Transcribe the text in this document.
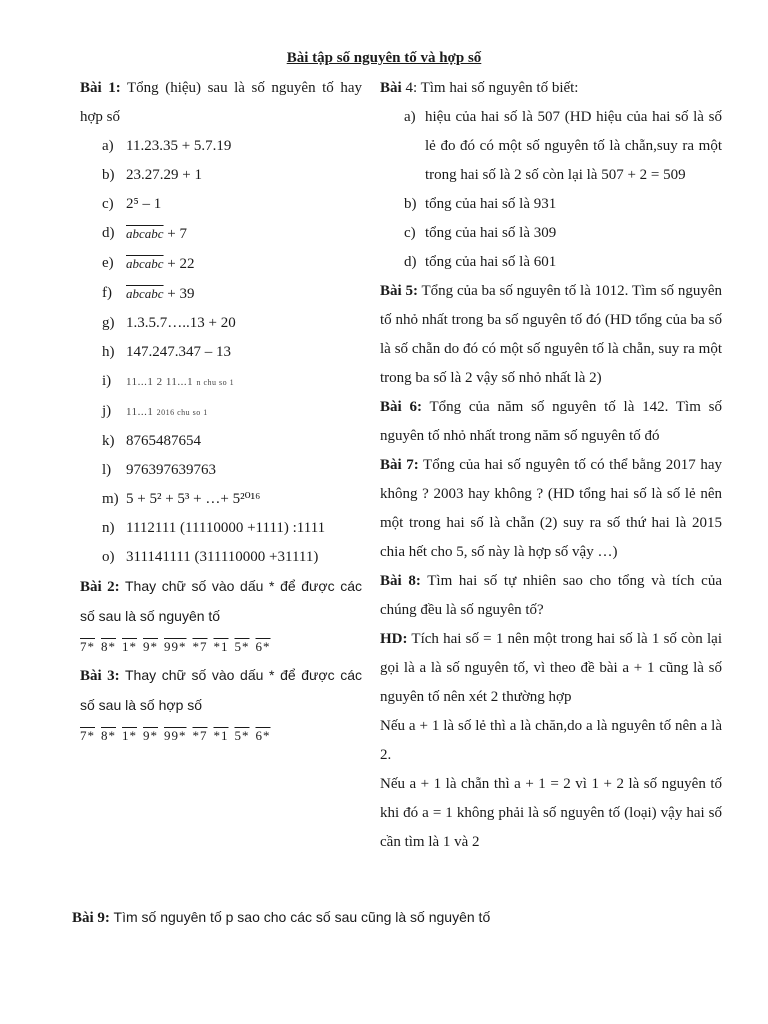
Bài tập số nguyên tố và hợp số

Bài 1: Tổng (hiệu) sau là số nguyên tố hay hợp số

a) 11.23.35 + 5.7.19
b) 23.27.29 + 1
c) 2⁵ – 1
d) abcabc + 7
e) abcabc + 22
f) abcabc + 39
g) 1.3.5.7…..13 + 20
h) 147.247.347 – 13
i) 11...1 2 11...1 n chu so 1
j) 11...1 2016 chu so 1
k) 8765487654
l) 976397639763
m) 5 + 5² + 5³ + …+ 5²⁰¹⁶
n) 1112111 (11110000 +1111) :1111
o) 311141111 (311110000 +31111)

Bài 2: Thay chữ số vào dấu * để được các số sau là số nguyên tố

7* 8* 1* 9* 99* *7 *1 5* 6*

Bài 3: Thay chữ số vào dấu * để được các số sau là số hợp số

7* 8* 1* 9* 99* *7 *1 5* 6*

Bài 4: Tìm hai số nguyên tố biết:

a) hiệu của hai số là 507 (HD hiệu của hai số là số lẻ đo đó có một số nguyên tố là chẵn,suy ra một trong hai số là 2 số còn lại là 507 + 2 = 509
b) tổng của hai số là 931
c) tổng của hai số là 309
d) tổng của hai số là 601

Bài 5: Tổng của ba số nguyên tố là 1012. Tìm số nguyên tố nhỏ nhất trong ba số nguyên tố đó (HD tổng của ba số là số chẵn do đó có một số nguyên tố là chẵn, suy ra một trong ba số là 2 vậy số nhỏ nhất là 2)

Bài 6: Tổng của năm số nguyên tố là 142. Tìm số nguyên tố nhỏ nhất trong năm số nguyên tố đó

Bài 7: Tổng của hai số nguyên tố có thể bằng 2017 hay không ? 2003 hay không ? (HD tổng hai số là số lẻ nên một trong hai số là chẵn (2) suy ra số thứ hai là 2015 chia hết cho 5, số này là hợp số vậy …)

Bài 8: Tìm hai số tự nhiên sao cho tổng và tích của chúng đều là số nguyên tố?

HD: Tích hai số = 1 nên một trong hai số là 1 số còn lại gọi là a là số nguyên tố, vì theo đề bài a + 1 cũng là số nguyên tố nên xét 2 thường hợp

Nếu a + 1 là số lẻ thì a là chăn,do a là nguyên tố nên a là 2.

Nếu a + 1 là chẵn thì a + 1 = 2 vì 1 + 2 là số nguyên tố khi đó a = 1 không phải là số nguyên tố (loại) vậy hai số cần tìm là 1 và 2

Bài 9: Tìm số nguyên tố p sao cho các số sau cũng là số nguyên tố
